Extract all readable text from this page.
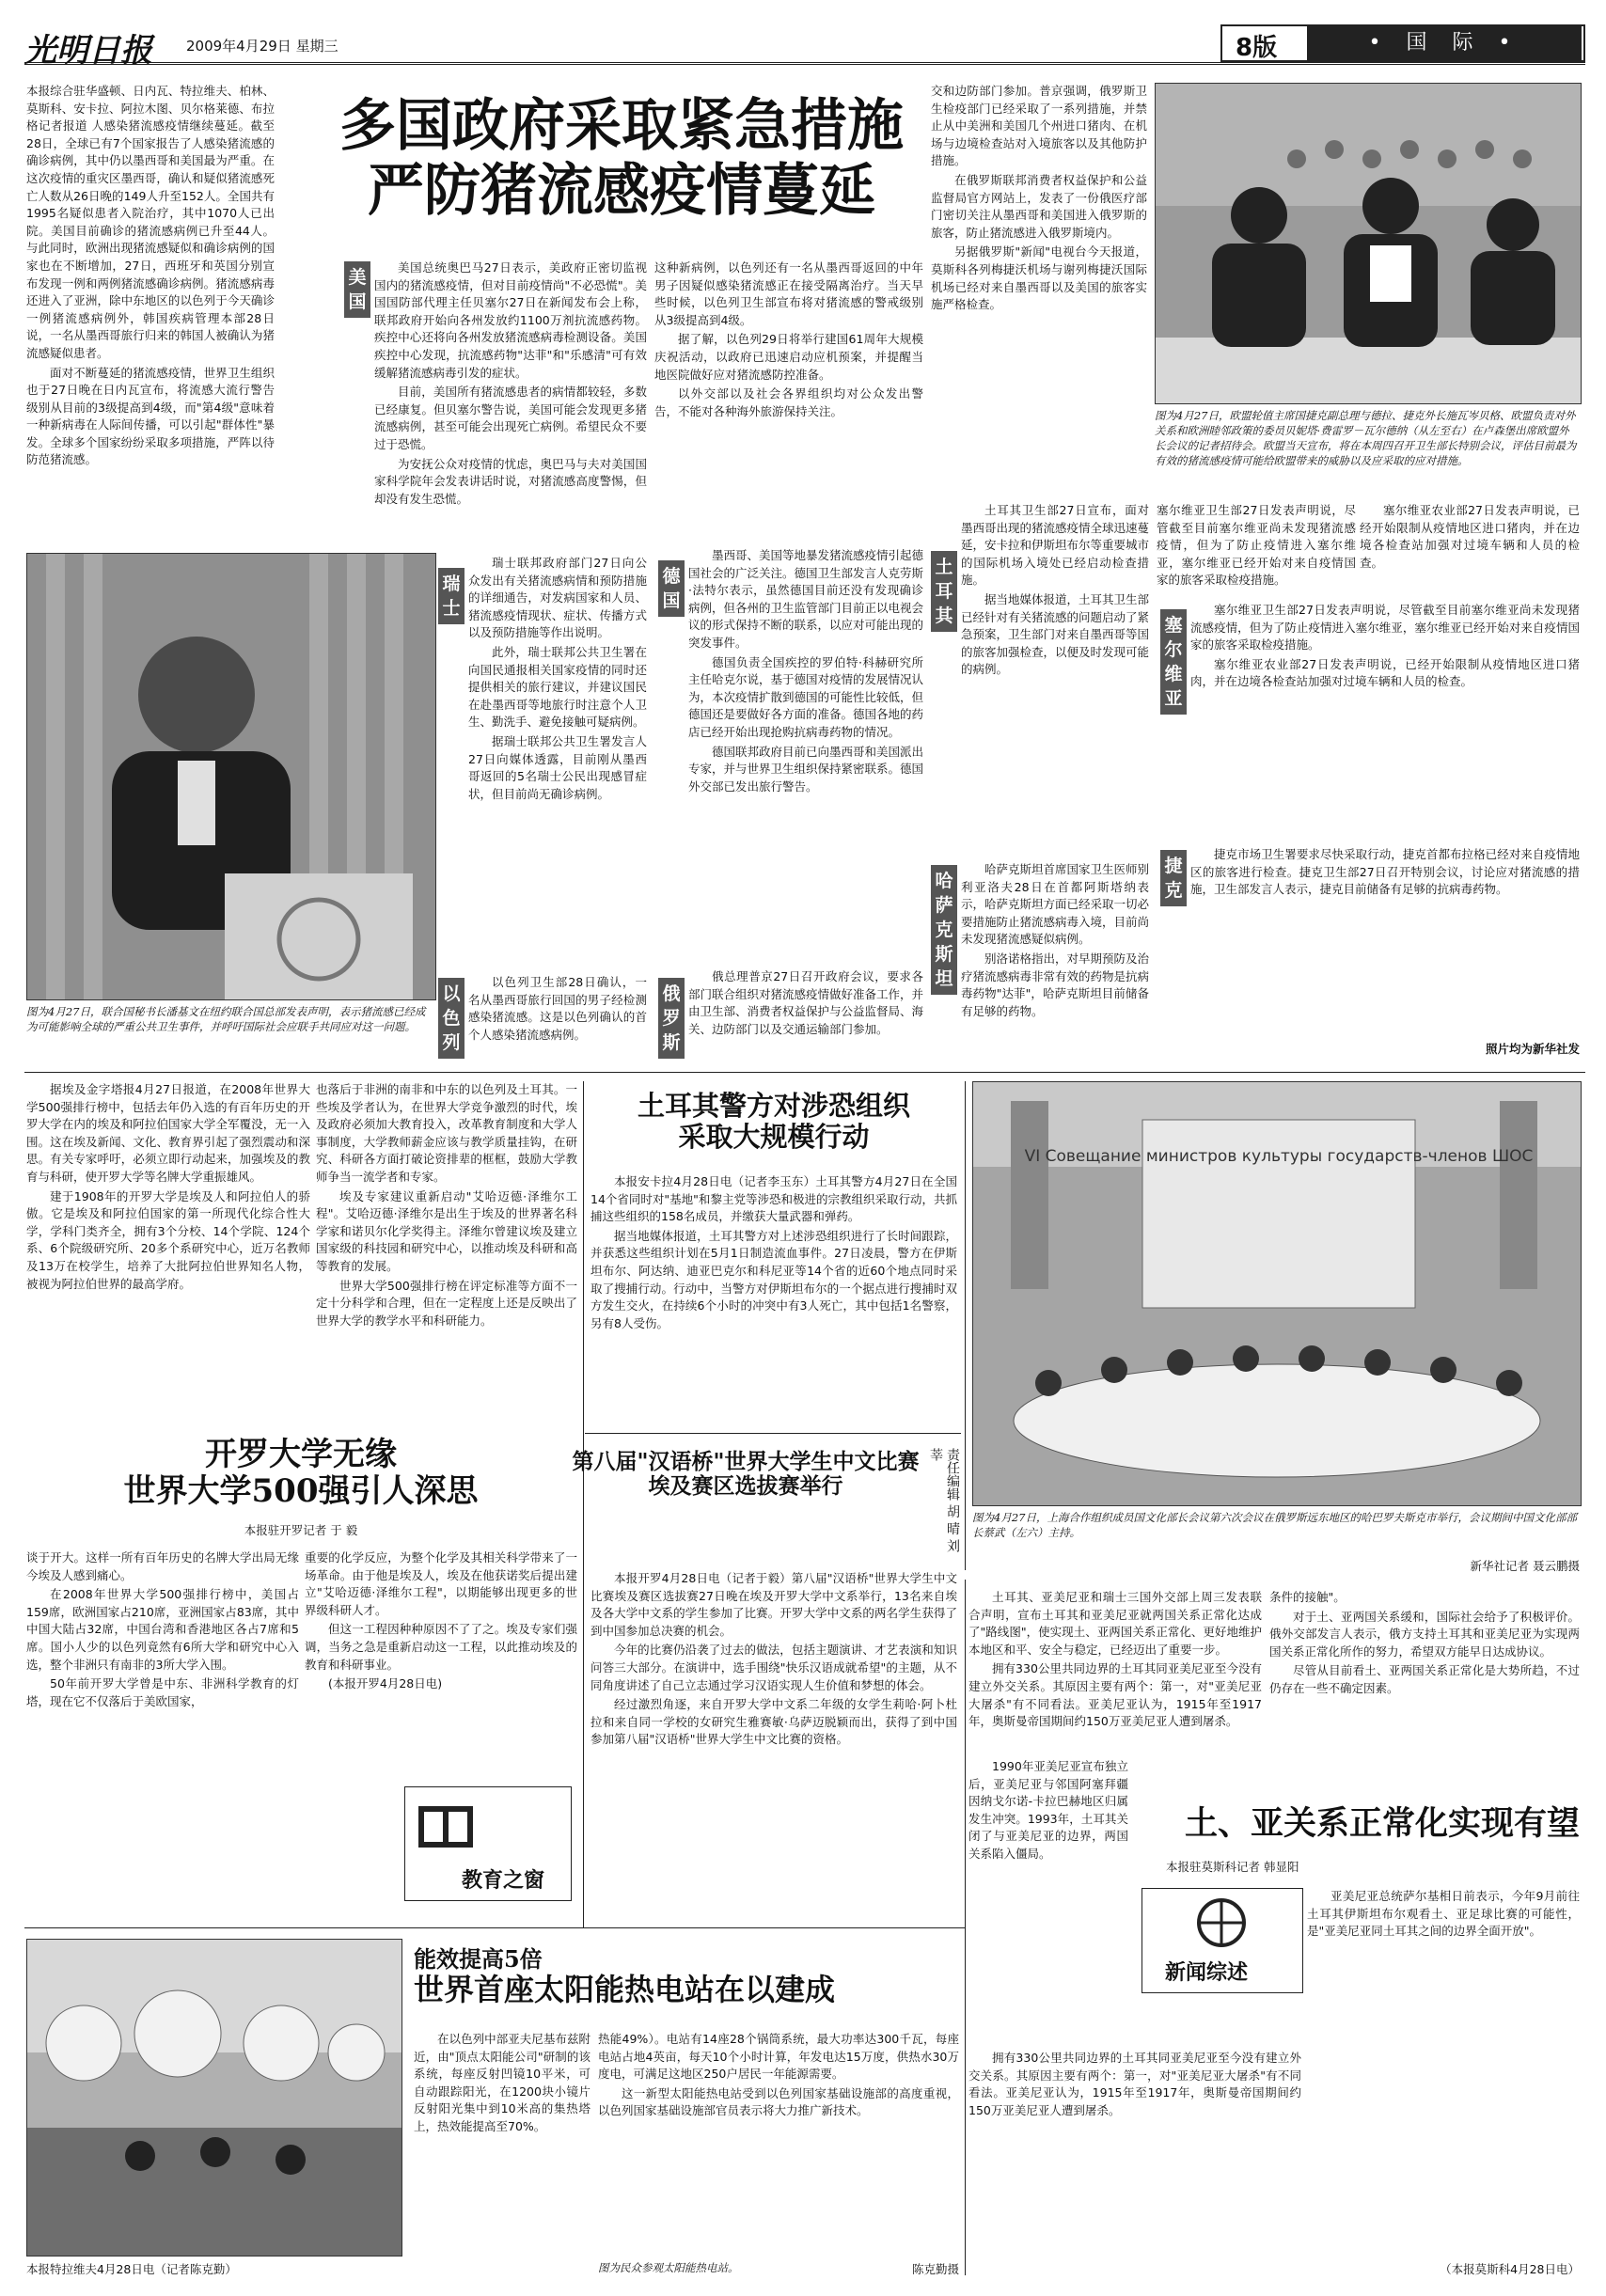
光明日报 2009年4月29日 星期三	8版	• 国 际 •

本报综合驻华盛顿、日内瓦、特拉维夫、柏林、莫斯科、安卡拉、阿拉木图、贝尔格莱德、布拉格记者报道 人感染猪流感疫情继续蔓延。截至28日，全球已有7个国家报告了人感染猪流感的确诊病例，其中仍以墨西哥和美国最为严重。在这次疫情的重灾区墨西哥，确认和疑似猪流感死亡人数从26日晚的149人升至152人。全国共有1995名疑似患者入院治疗，其中1070人已出院。美国目前确诊的猪流感病例已升至44人。与此同时，欧洲出现猪流感疑似和确诊病例的国家也在不断增加，27日，西班牙和英国分别宣布发现一例和两例猪流感确诊病例。猪流感病毒还进入了亚洲，除中东地区的以色列于今天确诊一例猪流感病例外，韩国疾病管理本部28日说，一名从墨西哥旅行归来的韩国人被确认为猪流感疑似患者。

面对不断蔓延的猪流感疫情，世界卫生组织也于27日晚在日内瓦宣布，将流感大流行警告级别从目前的3级提高到4级，而"第4级"意味着一种新病毒在人际间传播，可以引起"群体性"暴发。全球多个国家纷纷采取多项措施，严阵以待防范猪流感。

多国政府采取紧急措施
严防猪流感疫情蔓延
美国

美国总统奥巴马27日表示，美政府正密切监视国内的猪流感疫情，但对目前疫情尚"不必恐慌"。美国国防部代理主任贝塞尔27日在新闻发布会上称，联邦政府开始向各州发放约1100万剂抗流感药物。疾控中心还将向各州发放猪流感病毒检测设备。美国疾控中心发现，抗流感药物"达菲"和"乐感清"可有效缓解猪流感病毒引发的症状。

目前，美国所有猪流感患者的病情都较轻，多数已经康复。但贝塞尔警告说，美国可能会发现更多猪流感病例，甚至可能会出现死亡病例。希望民众不要过于恐慌。

为安抚公众对疫情的忧虑，奥巴马与夫对美国国家科学院年会发表讲话时说，对猪流感高度警惕，但却没有发生恐慌。

这种新病例，以色列还有一名从墨西哥返回的中年男子因疑似感染猪流感正在接受隔离治疗。当天早些时候，以色列卫生部宣布将对猪流感的警戒级别从3级提高到4级。

据了解，以色列29日将举行建国61周年大规模庆祝活动，以政府已迅速启动应机预案，并提醒当地医院做好应对猪流感防控准备。

以外交部以及社会各界组织均对公众发出警告，不能对各种海外旅游保持关注。

交和边防部门参加。普京强调，俄罗斯卫生检疫部门已经采取了一系列措施，并禁止从中美洲和美国几个州进口猪肉、在机场与边境检查站对入境旅客以及其他防护措施。

在俄罗斯联邦消费者权益保护和公益监督局官方网站上，发表了一份俄医疗部门密切关注从墨西哥和美国进入俄罗斯的旅客，防止猪流感进入俄罗斯境内。

另据俄罗斯"新闻"电视台今天报道，莫斯科各列梅捷沃机场与谢列梅捷沃国际机场已经对来自墨西哥以及美国的旅客实施严格检查。

图为4月27日，欧盟轮值主席国捷克副总理与德拉、捷克外长施瓦岑贝格、欧盟负责对外关系和欧洲睦邻政策的委员贝妮塔·费雷罗－瓦尔德纳（从左至右）在卢森堡出席欧盟外长会议的记者招待会。欧盟当天宣布，将在本周四召开卫生部长特别会议，评估目前最为有效的猪流感疫情可能给欧盟带来的威胁以及应采取的应对措施。
图为4月27日，联合国秘书长潘基文在纽约联合国总部发表声明，表示猪流感已经成为可能影响全球的严重公共卫生事件，并呼吁国际社会应联手共同应对这一问题。
瑞士

瑞士联邦政府部门27日向公众发出有关猪流感病情和预防措施的详细通告，对发病国家和人员、猪流感疫情现状、症状、传播方式以及预防措施等作出说明。

此外，瑞士联邦公共卫生署在向国民通报相关国家疫情的同时还提供相关的旅行建议，并建议国民在赴墨西哥等地旅行时注意个人卫生、勤洗手、避免接触可疑病例。

据瑞士联邦公共卫生署发言人27日向媒体透露，目前刚从墨西哥返回的5名瑞士公民出现感冒症状，但目前尚无确诊病例。

以色列

以色列卫生部28日确认，一名从墨西哥旅行回国的男子经检测感染猪流感。这是以色列确认的首个人感染猪流感病例。

德国

墨西哥、美国等地暴发猪流感疫情引起德国社会的广泛关注。德国卫生部发言人克劳斯·法特尔表示，虽然德国目前还没有发现确诊病例，但各州的卫生监管部门目前正以电视会议的形式保持不断的联系，以应对可能出现的突发事件。

德国负责全国疾控的罗伯特·科赫研究所主任哈克尔说，基于德国对疫情的发展情况认为，本次疫情扩散到德国的可能性比较低，但德国还是要做好各方面的准备。德国各地的药店已经开始出现抢购抗病毒药物的情况。

德国联邦政府目前已向墨西哥和美国派出专家，并与世界卫生组织保持紧密联系。德国外交部已发出旅行警告。

俄罗斯

俄总理普京27日召开政府会议，要求各部门联合组织对猪流感疫情做好准备工作，并由卫生部、消费者权益保护与公益监督局、海关、边防部门以及交通运输部门参加。

土耳其

土耳其卫生部27日宣布，面对墨西哥出现的猪流感疫情全球迅速蔓延，安卡拉和伊斯坦布尔等重要城市的国际机场入境处已经启动检查措施。

据当地媒体报道，土耳其卫生部已经针对有关猪流感的问题启动了紧急预案，卫生部门对来自墨西哥等国的旅客加强检查，以便及时发现可能的病例。

哈萨克斯坦

哈萨克斯坦首席国家卫生医师别利亚洛夫28日在首都阿斯塔纳表示，哈萨克斯坦方面已经采取一切必要措施防止猪流感病毒入境，目前尚未发现猪流感疑似病例。

别洛诺格指出，对早期预防及治疗猪流感病毒非常有效的药物是抗病毒药物"达菲"，哈萨克斯坦目前储备有足够的药物。

塞尔维亚卫生部27日发表声明说，尽管截至目前塞尔维亚尚未发现猪流感疫情，但为了防止疫情进入塞尔维亚，塞尔维亚已经开始对来自疫情国家的旅客采取检疫措施。

塞尔维亚农业部27日发表声明说，已经开始限制从疫情地区进口猪肉，并在边境各检查站加强对过境车辆和人员的检查。

塞尔维亚

塞尔维亚卫生部27日发表声明说，尽管截至目前塞尔维亚尚未发现猪流感疫情，但为了防止疫情进入塞尔维亚，塞尔维亚已经开始对来自疫情国家的旅客采取检疫措施。

塞尔维亚农业部27日发表声明说，已经开始限制从疫情地区进口猪肉，并在边境各检查站加强对过境车辆和人员的检查。

捷克

捷克市场卫生署要求尽快采取行动，捷克首都布拉格已经对来自疫情地区的旅客进行检查。捷克卫生部27日召开特别会议，讨论应对猪流感的措施，卫生部发言人表示，捷克目前储备有足够的抗病毒药物。

照片均为新华社发

据埃及金字塔报4月27日报道，在2008年世界大学500强排行榜中，包括去年仍入选的有百年历史的开罗大学在内的埃及和阿拉伯国家大学全军覆没，无一入围。这在埃及新闻、文化、教育界引起了强烈震动和深思。有关专家呼吁，必须立即行动起来，加强埃及的教育与科研，使开罗大学等名牌大学重振雄风。

建于1908年的开罗大学是埃及人和阿拉伯人的骄傲。它是埃及和阿拉伯国家的第一所现代化综合性大学，学科门类齐全，拥有3个分校、14个学院、124个系、6个院级研究所、20多个系研究中心，近万名教师及13万在校学生，培养了大批阿拉伯世界知名人物，被视为阿拉伯世界的最高学府。

也落后于非洲的南非和中东的以色列及土耳其。一些埃及学者认为，在世界大学竞争激烈的时代，埃及政府必须加大教育投入，改革教育制度和大学人事制度，大学教师薪金应该与教学质量挂钩，在研究、科研各方面打破论资排辈的框框，鼓励大学教师争当一流学者和专家。

埃及专家建议重新启动"艾哈迈德·泽维尔工程"。艾哈迈德·泽维尔是出生于埃及的世界著名科学家和诺贝尔化学奖得主。泽维尔曾建议埃及建立国家级的科技园和研究中心，以推动埃及科研和高等教育的发展。

世界大学500强排行榜在评定标准等方面不一定十分科学和合理，但在一定程度上还是反映出了世界大学的教学水平和科研能力。

开罗大学无缘
世界大学500强引人深思
本报驻开罗记者 于 毅

谈于开大。这样一所有百年历史的名牌大学出局无缘今埃及人感到痛心。

在2008年世界大学500强排行榜中，美国占159席，欧洲国家占210席，亚洲国家占83席，其中中国大陆占32席，中国台湾和香港地区各占7席和5席。国小人少的以色列竟然有6所大学和研究中心入选，整个非洲只有南非的3所大学入围。

50年前开罗大学曾是中东、非洲科学教育的灯塔，现在它不仅落后于美欧国家，

重要的化学反应，为整个化学及其相关科学带来了一场革命。由于他是埃及人，埃及在他获诺奖后提出建立"艾哈迈德·泽维尔工程"，以期能够出现更多的世界级科研人才。

但这一工程因种种原因不了了之。埃及专家们强调，当务之急是重新启动这一工程，以此推动埃及的教育和科研事业。

(本报开罗4月28日电)

教育之窗
土耳其警方对涉恐组织
采取大规模行动

本报安卡拉4月28日电（记者李玉东）土耳其警方4月27日在全国14个省同时对"基地"和黎主党等涉恐和极进的宗教组织采取行动，共抓捕这些组织的158名成员，并缴获大量武器和弹药。

据当地媒体报道，土耳其警方对上述涉恐组织进行了长时间跟踪，并获悉这些组织计划在5月1日制造流血事件。27日凌晨，警方在伊斯坦布尔、阿达纳、迪亚巴克尔和科尼亚等14个省的近60个地点同时采取了搜捕行动。行动中，当警方对伊斯坦布尔的一个据点进行搜捕时双方发生交火，在持续6个小时的冲突中有3人死亡，其中包括1名警察，另有8人受伤。

第八届"汉语桥"世界大学生中文比赛
埃及赛区选拔赛举行	责任编辑 胡 晴 刘 莘

本报开罗4月28日电（记者于毅）第八届"汉语桥"世界大学生中文比赛埃及赛区选拔赛27日晚在埃及开罗大学中文系举行，13名来自埃及各大学中文系的学生参加了比赛。开罗大学中文系的两名学生获得了到中国参加总决赛的机会。

今年的比赛仍沿袭了过去的做法，包括主题演讲、才艺表演和知识问答三大部分。在演讲中，选手围绕"快乐汉语成就希望"的主题，从不同角度讲述了自己立志通过学习汉语实现人生价值和梦想的体会。

经过激烈角逐，来自开罗大学中文系二年级的女学生莉哈·阿卜杜拉和来自同一学校的女研究生雅赛敏·乌萨迈脱颖而出，获得了到中国参加第八届"汉语桥"世界大学生中文比赛的资格。

VI Совещание министров культуры государств-членов ШОС
图为4月27日，上海合作组织成员国文化部长会议第六次会议在俄罗斯远东地区的哈巴罗夫斯克市举行，会议期间中国文化部部长蔡武（左六）主持。
新华社记者 聂云鹏摄

土耳其、亚美尼亚和瑞士三国外交部上周三发表联合声明，宣布土耳其和亚美尼亚就两国关系正常化达成了"路线图"，使实现土、亚两国关系正常化、更好地维护本地区和平、安全与稳定，已经迈出了重要一步。

拥有330公里共同边界的土耳其同亚美尼亚至今没有建立外交关系。其原因主要有两个：第一，对"亚美尼亚大屠杀"有不同看法。亚美尼亚认为，1915年至1917年，奥斯曼帝国期间约150万亚美尼亚人遭到屠杀。

条件的接触"。

对于土、亚两国关系缓和，国际社会给予了积极评价。俄外交部发言人表示，俄方支持土耳其和亚美尼亚为实现两国关系正常化所作的努力，希望双方能早日达成协议。

尽管从目前看土、亚两国关系正常化是大势所趋，不过仍存在一些不确定因素。

土、亚关系正常化实现有望
本报驻莫斯科记者 韩显阳

1990年亚美尼亚宣布独立后，亚美尼亚与邻国阿塞拜疆因纳戈尔诺-卡拉巴赫地区归属发生冲突。1993年，土耳其关闭了与亚美尼亚的边界，两国关系陷入僵局。

新闻综述

亚美尼亚总统萨尔基相日前表示，今年9月前往土耳其伊斯坦布尔观看土、亚足球比赛的可能性，是"亚美尼亚同土耳其之间的边界全面开放"。

拥有330公里共同边界的土耳其同亚美尼亚至今没有建立外交关系。其原因主要有两个：第一，对"亚美尼亚大屠杀"有不同看法。亚美尼亚认为，1915年至1917年，奥斯曼帝国期间约150万亚美尼亚人遭到屠杀。

（本报莫斯科4月28日电）
能效提高5倍
世界首座太阳能热电站在以建成

在以色列中部亚夫尼基布兹附近，由"顶点太阳能公司"研制的该系统，每座反射凹镜10平米，可自动跟踪阳光，在1200块小镜片反射阳光集中到10米高的集热塔上，热效能提高至70%。

热能49%）。电站有14座28个锅筒系统，最大功率达300千瓦，每座电站占地4英亩，每天10个小时计算，年发电达15万度，供热水30万度电，可满足这地区250户居民一年能源需要。

这一新型太阳能热电站受到以色列国家基础设施部的高度重视，以色列国家基础设施部官员表示将大力推广新技术。

本报特拉维夫4月28日电（记者陈克勤）	图为民众参观太阳能热电站。	陈克勤摄
